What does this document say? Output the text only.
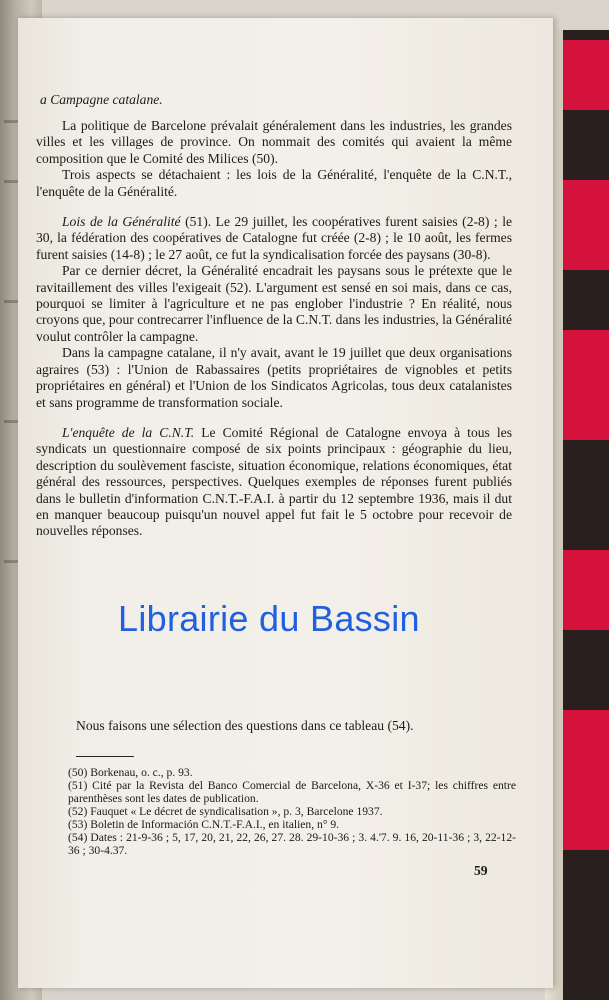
a Campagne catalane.

La politique de Barcelone prévalait généralement dans les industries, les grandes villes et les villages de province. On nommait des comités qui avaient la même composition que le Comité des Milices (50).

Trois aspects se détachaient : les lois de la Généralité, l'enquête de la C.N.T., l'enquête de la Généralité.

Lois de la Généralité (51). Le 29 juillet, les coopératives furent saisies (2-8) ; le 30, la fédération des coopératives de Catalogne fut créée (2-8) ; le 10 août, les fermes furent saisies (14-8) ; le 27 août, ce fut la syndicalisation forcée des paysans (30-8).

Par ce dernier décret, la Généralité encadrait les paysans sous le prétexte que le ravitaillement des villes l'exigeait (52). L'argument est sensé en soi mais, dans ce cas, pourquoi se limiter à l'agriculture et ne pas englober l'industrie ? En réalité, nous croyons que, pour contrecarrer l'influence de la C.N.T. dans les industries, la Généralité voulut contrôler la campagne.

Dans la campagne catalane, il n'y avait, avant le 19 juillet que deux organisations agraires (53) : l'Union de Rabassaires (petits propriétaires de vignobles et petits propriétaires en général) et l'Union de los Sindicatos Agricolas, tous deux catalanistes et sans programme de transformation sociale.

L'enquête de la C.N.T. Le Comité Régional de Catalogne envoya à tous les syndicats un questionnaire composé de six points principaux : géographie du lieu, description du soulèvement fasciste, situation économique, relations économiques, état général des ressources, perspectives. Quelques exemples de réponses furent publiés dans le bulletin d'information C.N.T.-F.A.I. à partir du 12 septembre 1936, mais il dut en manquer beaucoup puisqu'un nouvel appel fut fait le 5 octobre pour recevoir de nouvelles réponses.

Nous faisons une sélection des questions dans ce tableau (54).
(50) Borkenau, o. c., p. 93.
(51) Cité par la Revista del Banco Comercial de Barcelona, X-36 et I-37; les chiffres entre parenthèses sont les dates de publication.
(52) Fauquet « Le décret de syndicalisation », p. 3, Barcelone 1937.
(53) Boletin de Información C.N.T.-F.A.I., en italien, n° 9.
(54) Dates : 21-9-36 ; 5, 17, 20, 21, 22, 26, 27. 28. 29-10-36 ; 3. 4.'7. 9. 16, 20-11-36 ; 3, 22-12-36 ; 30-4.37.
59
Librairie du Bassin
